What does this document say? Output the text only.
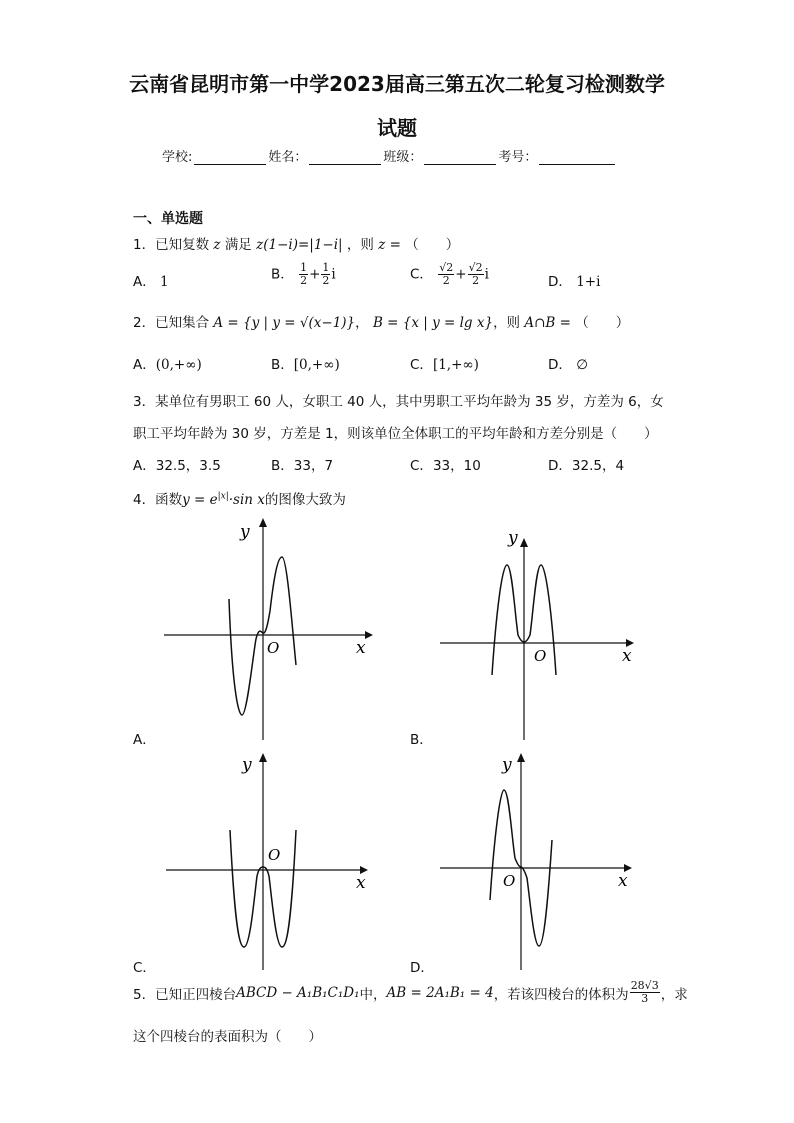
云南省昆明市第一中学2023届高三第五次二轮复习检测数学
试题
学校:	姓名：	班级：	考号：
一、单选题
1．已知复数 z 满足 z(1−i)=|1−i| ，则 z = （　　）
A． 1	B． $\frac{1}{2} + \frac{1}{2}$ i	C． $\frac{√2}{2} + \frac{√2}{2}$ i	D． 1+i
2．已知集合 A = {y | y = √(x−1)}， B = {x | y = lg x}，则 A∩B = （　　）
A．(0,+∞)	B．[0,+∞)	C．[1,+∞)	D． ∅
3．某单位有男职工 60 人，女职工 40 人，其中男职工平均年龄为 35 岁，方差为 6，女
职工平均年龄为 30 岁，方差是 1，则该单位全体职工的平均年龄和方差分别是（　　）
A．32.5，3.5	B．33，7	C．33，10	D．32.5，4
4．函数$y = e^{|x|}\cdot\sin$ x的图像大致为
y
x
O
A．
y
x
O
B．
y
x
O
C．
y
x
O
D．
5．已知正四棱台 ABCD − A₁B₁C₁D₁ 中， AB = 2A₁B₁ = 4 ，若该四棱台的体积为 $\frac{28√3}{3}$ ，求
这个四棱台的表面积为（　　）
